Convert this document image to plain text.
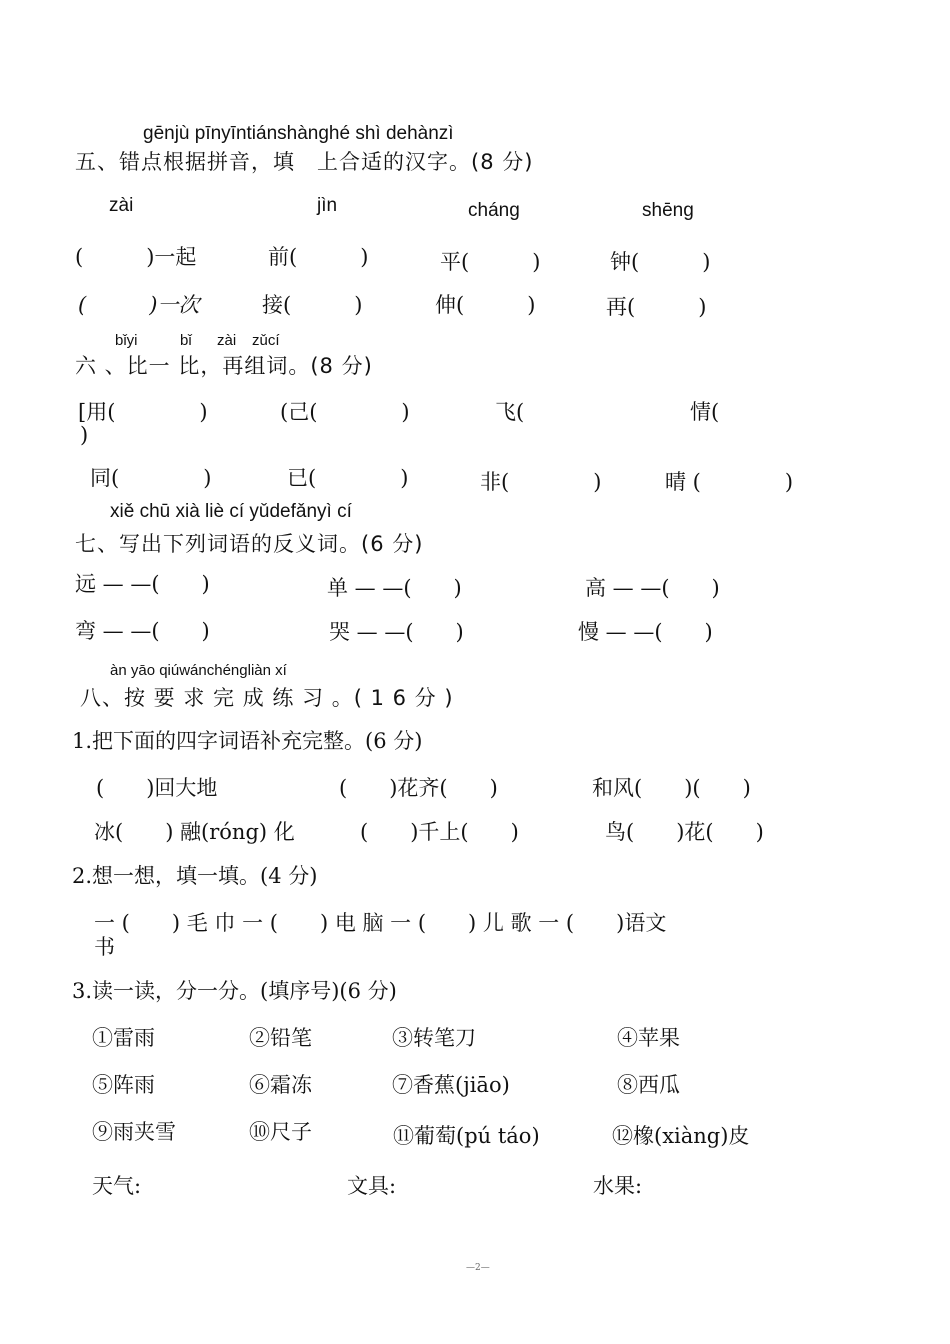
gēnjù pīnyīntiánshànghé shì dehànzì
五、错点根据拼音，填　上合适的汉字。(8 分)
zài	jìn	cháng	shēng
(　　　)一起	前(　　　)	平(　　　)	钟(　　　)
(　　　)一次	接(　　　)	伸(　　　)	再(　　　)
bǐyi	bǐ zài zǔcí
六 、比一 比，再组词。(8 分)
[用(　　　　)	(己(　　　　)	飞(	情(
)
同(　　　　)	已(　　　　)	非(　　　　)	晴 (　　　　)
xiě chū xià liè cí yǔdefǎnyì cí
七、写出下列词语的反义词。(6 分)
远 — —(　　)	单 — —(　　)	高 — —(　　)
弯 — —(　　)	哭 — —(　　)	慢 — —(　　)
àn yāo qiúwánchéngliàn xí
八、按 要 求 完 成 练 习 。( 1 6 分 )
1.把下面的四字词语补充完整。(6 分)
(　　)回大地	(　　)花齐(　　)	和风(　　)(　　)
冰(　　) 融(róng) 化	(　　)千上(　　)	鸟(　　)花(　　)
2.想一想，填一填。(4 分)
一 (　　) 毛 巾 一 (　　) 电 脑 一 (　　) 儿 歌 一 (　　)语文
书
3.读一读，分一分。(填序号)(6 分)
①雷雨	②铅笔	③转笔刀	④苹果
⑤阵雨	⑥霜冻	⑦香蕉(jiāo)	⑧西瓜
⑨雨夹雪	⑩尺子	⑪葡萄(pú táo)	⑫橡(xiàng)皮
天气:	文具:	水果:
—2—
